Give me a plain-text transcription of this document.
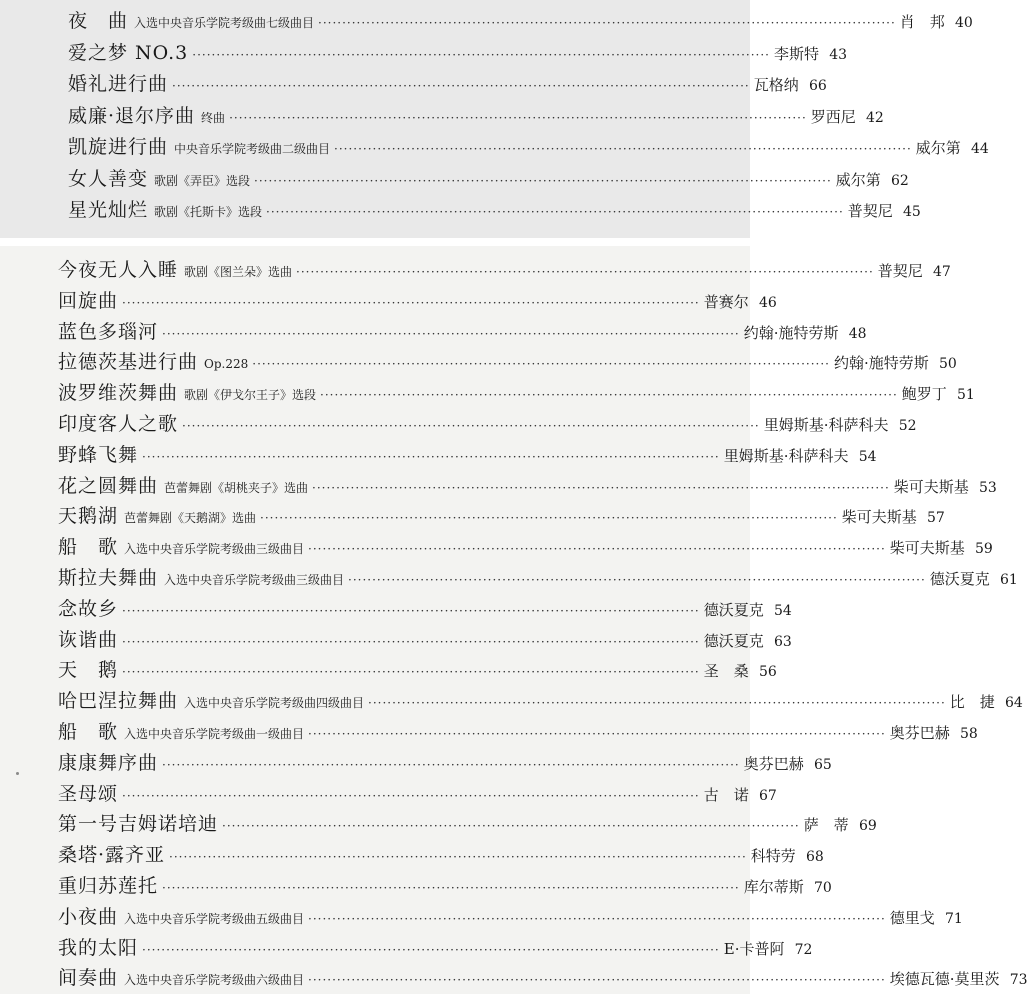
夜　曲 入选中央音乐学院考级曲七级曲目 ························································································································ 肖　邦 40
爱之梦 NO.3 ························································································································ 李斯特 43
婚礼进行曲 ························································································································ 瓦格纳 66
威廉·退尔序曲 终曲 ························································································································ 罗西尼 42
凯旋进行曲 中央音乐学院考级曲二级曲目 ························································································································ 威尔第 44
女人善变 歌剧《弄臣》选段 ························································································································ 威尔第 62
星光灿烂 歌剧《托斯卡》选段 ························································································································ 普契尼 45
今夜无人入睡 歌剧《图兰朵》选曲 ························································································································ 普契尼 47
回旋曲 ························································································································ 普赛尔 46
蓝色多瑙河 ························································································································ 约翰·施特劳斯 48
拉德茨基进行曲 Op.228 ························································································································ 约翰·施特劳斯 50
波罗维茨舞曲 歌剧《伊戈尔王子》选段 ························································································································ 鲍罗丁 51
印度客人之歌 ························································································································ 里姆斯基·科萨科夫 52
野蜂飞舞 ························································································································ 里姆斯基·科萨科夫 54
花之圆舞曲 芭蕾舞剧《胡桃夹子》选曲 ························································································································ 柴可夫斯基 53
天鹅湖 芭蕾舞剧《天鹅湖》选曲 ························································································································ 柴可夫斯基 57
船　歌 入选中央音乐学院考级曲三级曲目 ························································································································ 柴可夫斯基 59
斯拉夫舞曲 入选中央音乐学院考级曲三级曲目 ························································································································ 德沃夏克 61
念故乡 ························································································································ 德沃夏克 54
诙谐曲 ························································································································ 德沃夏克 63
天　鹅 ························································································································ 圣　桑 56
哈巴涅拉舞曲 入选中央音乐学院考级曲四级曲目 ························································································································ 比　捷 64
船　歌 入选中央音乐学院考级曲一级曲目 ························································································································ 奥芬巴赫 58
康康舞序曲 ························································································································ 奥芬巴赫 65
圣母颂 ························································································································ 古　诺 67
第一号吉姆诺培迪 ························································································································ 萨　蒂 69
桑塔·露齐亚 ························································································································ 科特劳 68
重归苏莲托 ························································································································ 库尔蒂斯 70
小夜曲 入选中央音乐学院考级曲五级曲目 ························································································································ 德里戈 71
我的太阳 ························································································································ E·卡普阿 72
间奏曲 入选中央音乐学院考级曲六级曲目 ························································································································ 埃德瓦德·莫里茨 73
